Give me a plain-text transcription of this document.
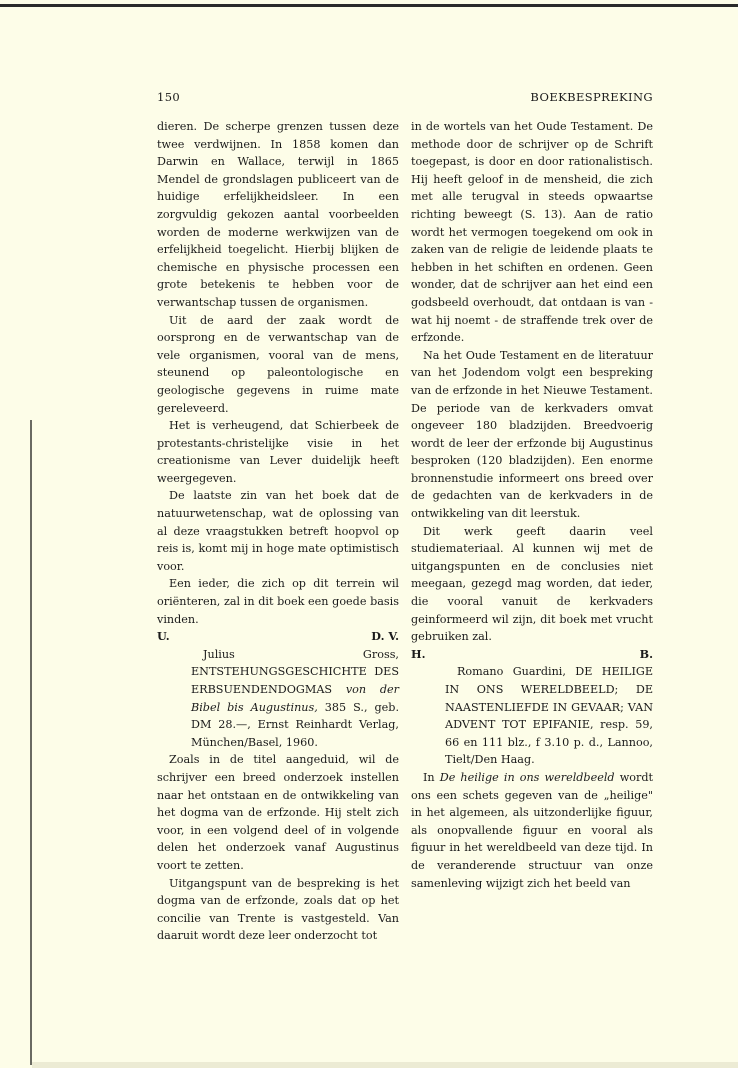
150	BOEKBESPREKING

dieren. De scherpe grenzen tussen deze twee verdwijnen. In 1858 komen dan Darwin en Wallace, terwijl in 1865 Mendel de grondslagen publiceert van de huidige erfelijkheidsleer. In een zorgvuldig gekozen aantal voorbeelden worden de moderne werkwijzen van de erfelijkheid toegelicht. Hierbij blijken de chemische en physische processen een grote betekenis te hebben voor de verwantschap tussen de organismen.

Uit de aard der zaak wordt de oorsprong en de verwantschap van de vele organismen, vooral van de mens, steunend op paleontologische en geologische gegevens in ruime mate gereleveerd.

Het is verheugend, dat Schierbeek de protestants-christelijke visie in het creationisme van Lever duidelijk heeft weergegeven.

De laatste zin van het boek dat de natuurwetenschap, wat de oplossing van al deze vraagstukken betreft hoopvol op reis is, komt mij in hoge mate optimistisch voor.

Een ieder, die zich op dit terrein wil oriënteren, zal in dit boek een goede basis vinden.

U.	D. V.

Julius Gross, ENTSTEHUNGSGESCHICHTE DES ERBSUENDENDOGMAS von der Bibel bis Augustinus, 385 S., geb. DM 28.—, Ernst Reinhardt Verlag, München/Basel, 1960.

Zoals in de titel aangeduid, wil de schrijver een breed onderzoek instellen naar het ontstaan en de ontwikkeling van het dogma van de erfzonde. Hij stelt zich voor, in een volgend deel of in volgende delen het onderzoek vanaf Augustinus voort te zetten.

Uitgangspunt van de bespreking is het dogma van de erfzonde, zoals dat op het concilie van Trente is vastgesteld. Van daaruit wordt deze leer onderzocht tot

in de wortels van het Oude Testament. De methode door de schrijver op de Schrift toegepast, is door en door rationalistisch. Hij heeft geloof in de mensheid, die zich met alle terugval in steeds opwaartse richting beweegt (S. 13). Aan de ratio wordt het vermogen toegekend om ook in zaken van de religie de leidende plaats te hebben in het schiften en ordenen. Geen wonder, dat de schrijver aan het eind een godsbeeld overhoudt, dat ontdaan is van - wat hij noemt - de straffende trek over de erfzonde.

Na het Oude Testament en de literatuur van het Jodendom volgt een bespreking van de erfzonde in het Nieuwe Testament. De periode van de kerkvaders omvat ongeveer 180 bladzijden. Breedvoerig wordt de leer der erfzonde bij Augustinus besproken (120 bladzijden). Een enorme bronnenstudie informeert ons breed over de gedachten van de kerkvaders in de ontwikkeling van dit leerstuk.

Dit werk geeft daarin veel studiemateriaal. Al kunnen wij met de uitgangspunten en de conclusies niet meegaan, gezegd mag worden, dat ieder, die vooral vanuit de kerkvaders geinformeerd wil zijn, dit boek met vrucht gebruiken zal.

H.	B.

Romano Guardini, DE HEILIGE IN ONS WERELDBEELD; DE NAASTENLIEFDE IN GEVAAR; VAN ADVENT TOT EPIFANIE, resp. 59, 66 en 111 blz., f 3.10 p. d., Lannoo, Tielt/Den Haag.

In De heilige in ons wereldbeeld wordt ons een schets gegeven van de „heilige" in het algemeen, als uitzonderlijke figuur, als onopvallende figuur en vooral als figuur in het wereldbeeld van deze tijd. In de veranderende structuur van onze samenleving wijzigt zich het beeld van
